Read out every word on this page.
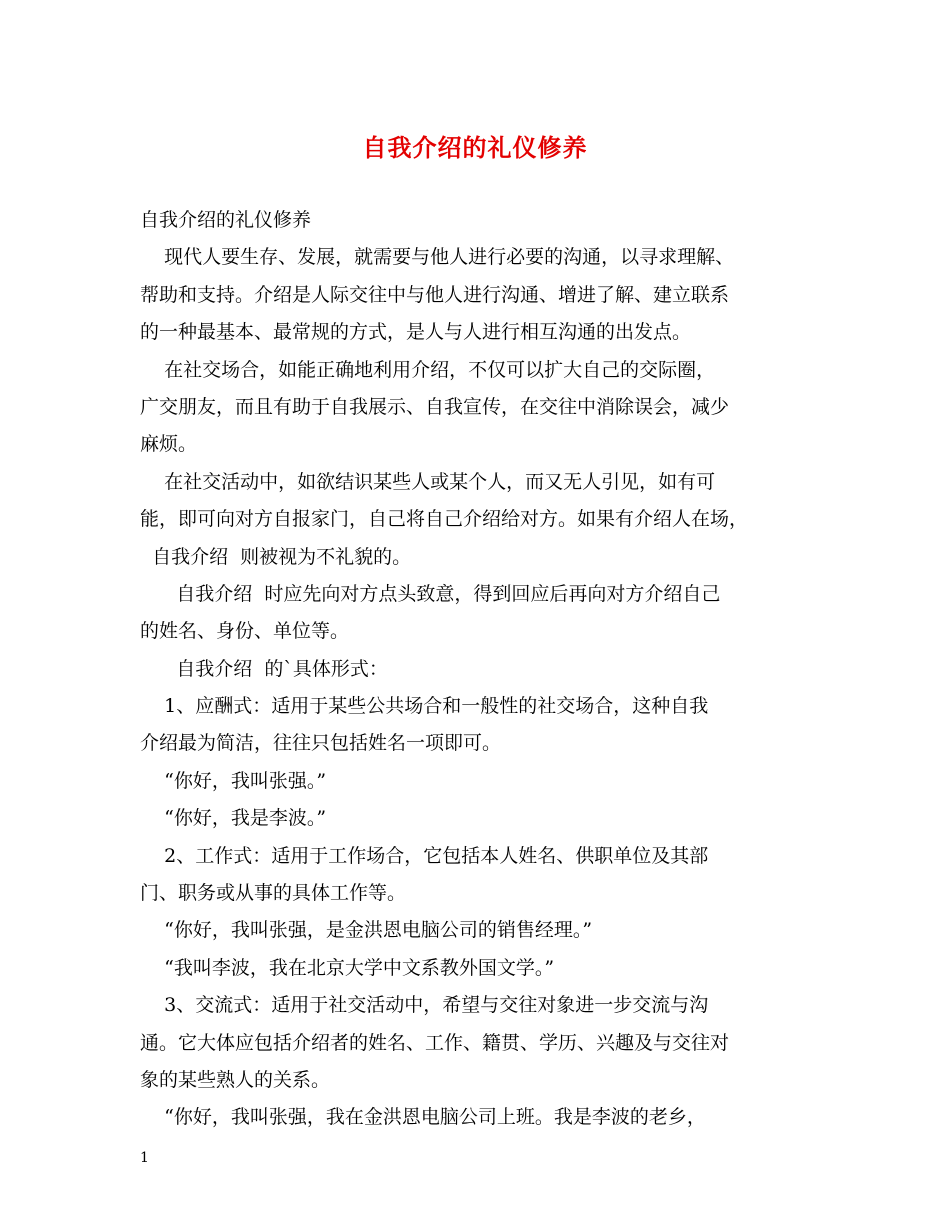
自我介绍的礼仪修养
自我介绍的礼仪修养
现代人要生存、发展，就需要与他人进行必要的沟通，以寻求理解、
帮助和支持。介绍是人际交往中与他人进行沟通、增进了解、建立联系
的一种最基本、最常规的方式，是人与人进行相互沟通的出发点。
在社交场合，如能正确地利用介绍，不仅可以扩大自己的交际圈，
广交朋友，而且有助于自我展示、自我宣传，在交往中消除误会，减少
麻烦。
在社交活动中，如欲结识某些人或某个人，而又无人引见，如有可
能，即可向对方自报家门，自己将自己介绍给对方。如果有介绍人在场，
自我介绍  则被视为不礼貌的。
自我介绍  时应先向对方点头致意，得到回应后再向对方介绍自己
的姓名、身份、单位等。
自我介绍  的`具体形式：
1、应酬式：适用于某些公共场合和一般性的社交场合，这种自我
介绍最为简洁，往往只包括姓名一项即可。
“你好，我叫张强。”
“你好，我是李波。”
2、工作式：适用于工作场合，它包括本人姓名、供职单位及其部
门、职务或从事的具体工作等。
“你好，我叫张强，是金洪恩电脑公司的销售经理。”
“我叫李波，我在北京大学中文系教外国文学。”
3、交流式：适用于社交活动中，希望与交往对象进一步交流与沟
通。它大体应包括介绍者的姓名、工作、籍贯、学历、兴趣及与交往对
象的某些熟人的关系。
“你好，我叫张强，我在金洪恩电脑公司上班。我是李波的老乡，
1
